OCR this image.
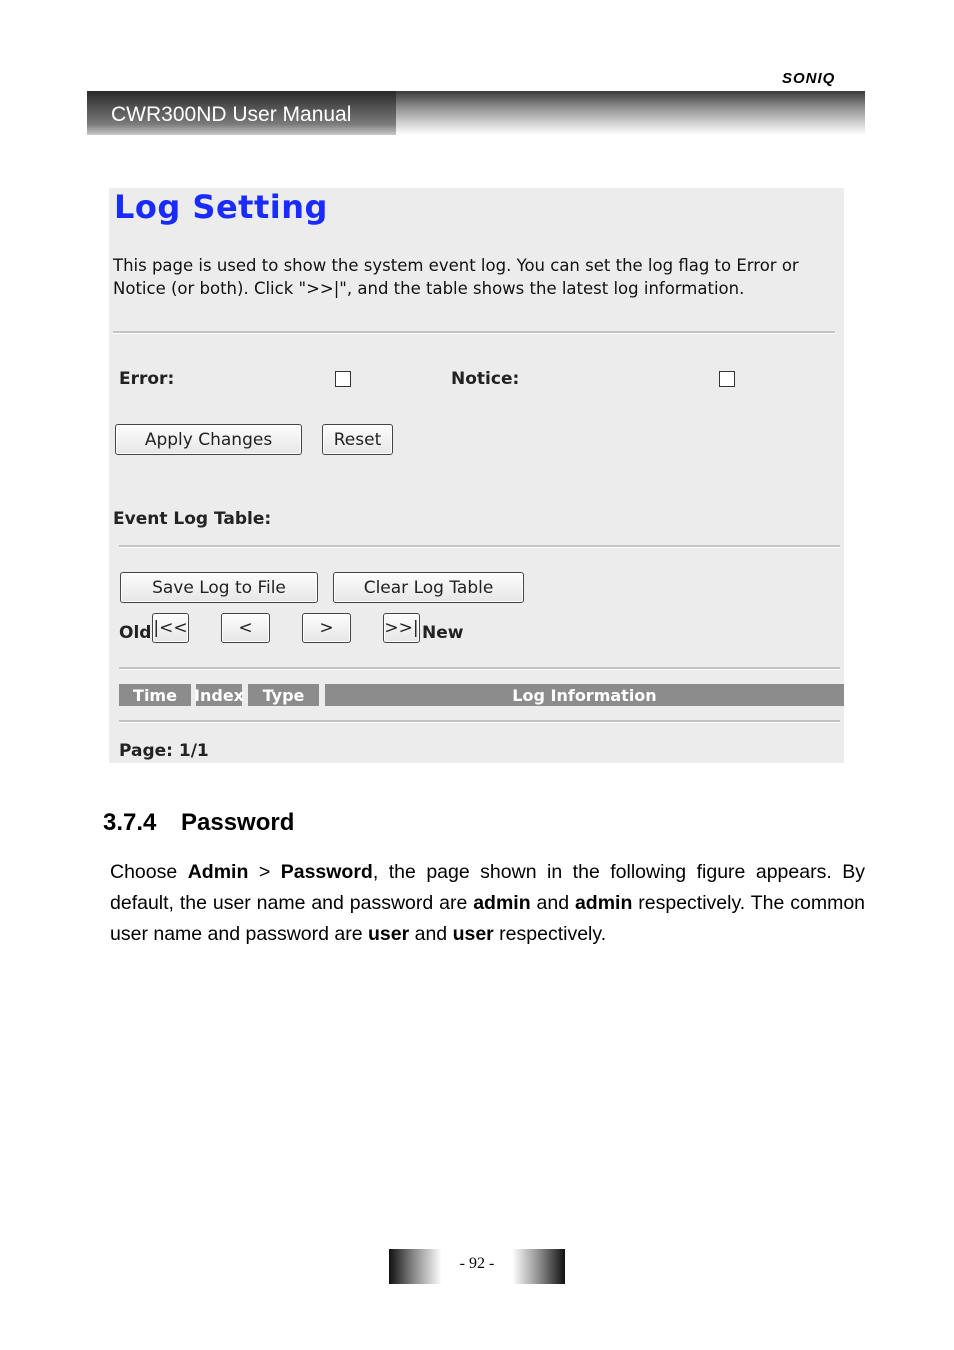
SONIQ
CWR300ND User Manual
Log Setting
This page is used to show the system event log. You can set the log flag to Error or Notice (or both). Click ">>|", and the table shows the latest log information.
Error:	Notice:
Apply Changes	Reset
Event Log Table:
Save Log to File	Clear Log Table
Old |<<	<	>	>>| New
Time	Index	Type	Log Information
Page: 1/1
3.7.4 Password
Choose Admin > Password, the page shown in the following figure appears. By default, the user name and password are admin and admin respectively. The common user name and password are user and user respectively.
- 92 -
